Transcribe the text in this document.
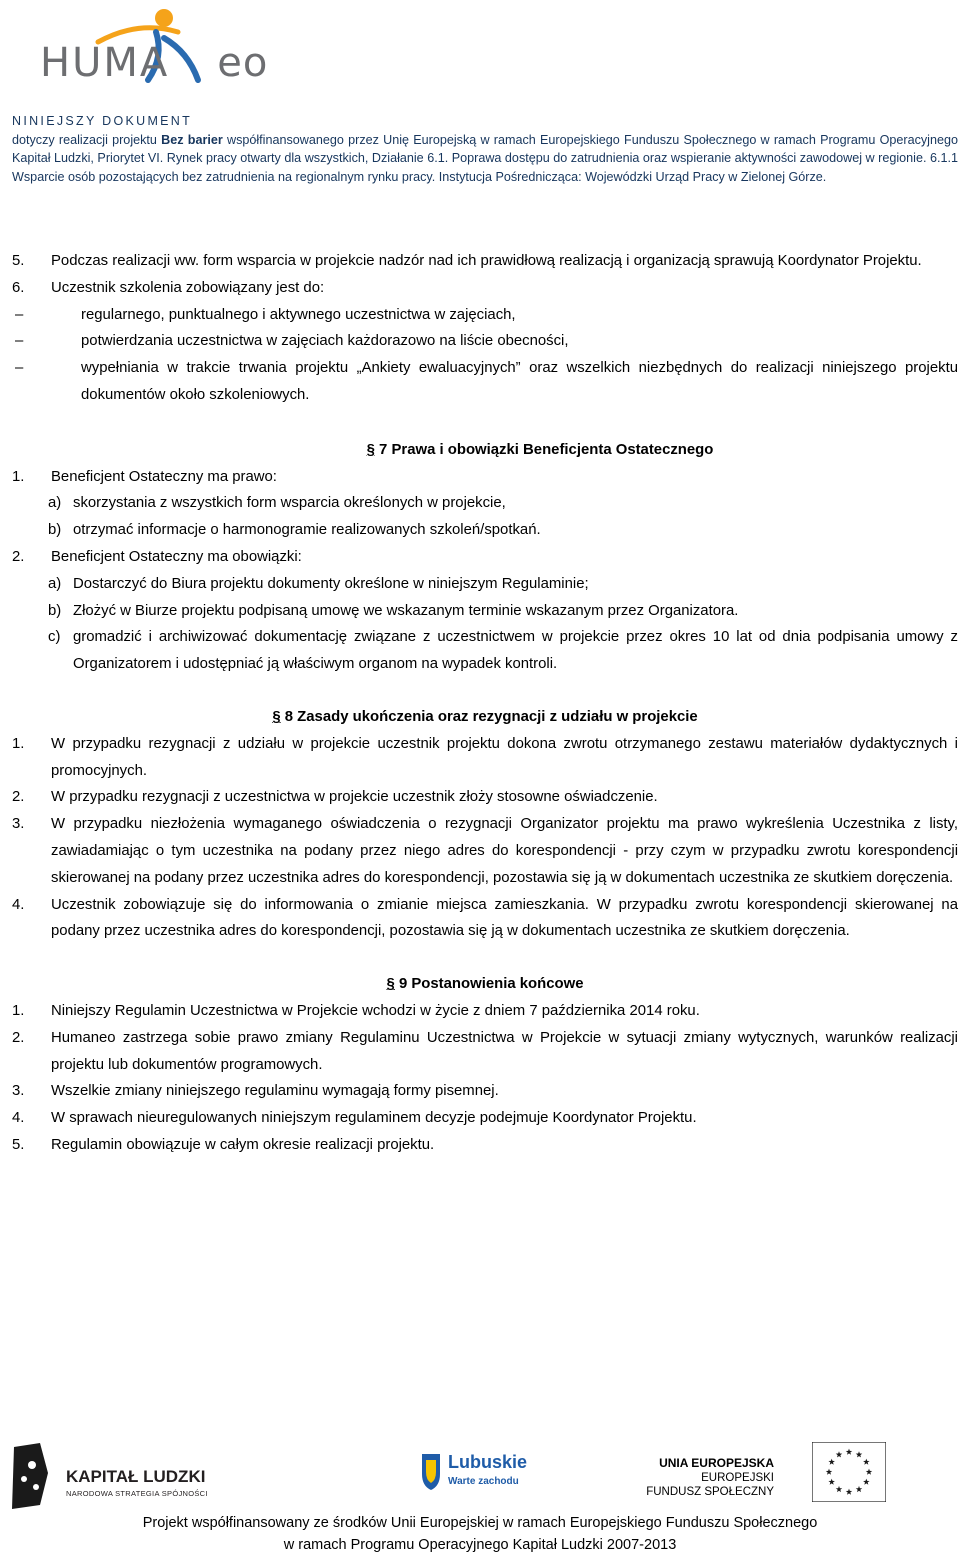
HUMA eo
NINIEJSZY DOKUMENT
dotyczy realizacji projektu Bez barier współfinansowanego przez Unię Europejską w ramach Europejskiego Funduszu Społecznego w ramach Programu Operacyjnego Kapitał Ludzki, Priorytet VI. Rynek pracy otwarty dla wszystkich, Działanie 6.1. Poprawa dostępu do zatrudnienia oraz wspieranie aktywności zawodowej w regionie. 6.1.1 Wsparcie osób pozostających bez zatrudnienia na regionalnym rynku pracy. Instytucja Pośrednicząca: Wojewódzki Urząd Pracy w Zielonej Górze.
5. Podczas realizacji ww. form wsparcia w projekcie nadzór nad ich prawidłową realizacją i organizacją sprawują Koordynator Projektu.
6. Uczestnik szkolenia zobowiązany jest do:
–	regularnego, punktualnego i aktywnego uczestnictwa w zajęciach,
–	potwierdzania uczestnictwa w zajęciach każdorazowo na liście obecności,
–	wypełniania w trakcie trwania projektu „Ankiety ewaluacyjnych” oraz wszelkich niezbędnych do realizacji niniejszego projektu dokumentów około szkoleniowych.
§ 7 Prawa i obowiązki Beneficjenta Ostatecznego
1. Beneficjent Ostateczny ma prawo:
a) skorzystania z wszystkich form wsparcia określonych w projekcie,
b) otrzymać informacje o harmonogramie realizowanych szkoleń/spotkań.
2. Beneficjent Ostateczny ma obowiązki:
a) Dostarczyć do Biura projektu dokumenty określone w niniejszym Regulaminie;
b) Złożyć w Biurze projektu podpisaną umowę we wskazanym terminie wskazanym przez Organizatora.
c) gromadzić i archiwizować dokumentację związane z uczestnictwem w projekcie przez okres 10 lat od dnia podpisania umowy z Organizatorem i udostępniać ją właściwym organom na wypadek kontroli.
§ 8 Zasady ukończenia oraz rezygnacji z udziału w projekcie
1. W przypadku rezygnacji z udziału w projekcie uczestnik projektu dokona zwrotu otrzymanego zestawu materiałów dydaktycznych i promocyjnych.
2. W przypadku rezygnacji z uczestnictwa w projekcie uczestnik złoży stosowne oświadczenie.
3. W przypadku niezłożenia wymaganego oświadczenia o rezygnacji Organizator projektu ma prawo wykreślenia Uczestnika z listy, zawiadamiając o tym uczestnika na podany przez niego adres do korespondencji - przy czym w przypadku zwrotu korespondencji skierowanej na podany przez uczestnika adres do korespondencji, pozostawia się ją w dokumentach uczestnika ze skutkiem doręczenia.
4. Uczestnik zobowiązuje się do informowania o zmianie miejsca zamieszkania. W przypadku zwrotu korespondencji skierowanej na podany przez uczestnika adres do korespondencji, pozostawia się ją w dokumentach uczestnika ze skutkiem doręczenia.
§ 9 Postanowienia końcowe
1. Niniejszy Regulamin Uczestnictwa w Projekcie wchodzi w życie z dniem 7 października 2014 roku.
2. Humaneo zastrzega sobie prawo zmiany Regulaminu Uczestnictwa w Projekcie w sytuacji zmiany wytycznych, warunków realizacji projektu lub dokumentów programowych.
3. Wszelkie zmiany niniejszego regulaminu wymagają formy pisemnej.
4. W sprawach nieuregulowanych niniejszym regulaminem decyzje podejmuje Koordynator Projektu.
5. Regulamin obowiązuje w całym okresie realizacji projektu.
KAPITAŁ LUDZKI
NARODOWA STRATEGIA SPÓJNOŚCI
Lubuskie
Warte zachodu
UNIA EUROPEJSKA
EUROPEJSKI
FUNDUSZ SPOŁECZNY
Projekt współfinansowany ze środków Unii Europejskiej w ramach Europejskiego Funduszu Społecznego
w ramach Programu Operacyjnego Kapitał Ludzki 2007-2013
